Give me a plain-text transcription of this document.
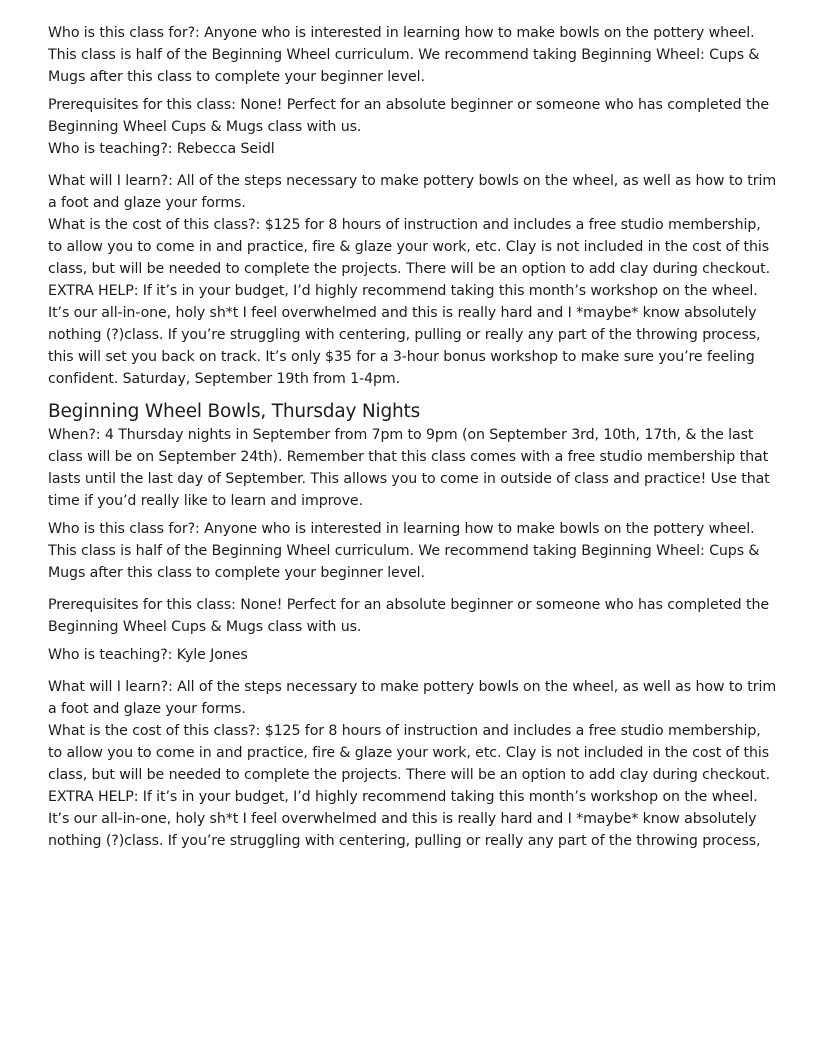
Who is this class for?: Anyone who is interested in learning how to make bowls on the pottery wheel. This class is half of the Beginning Wheel curriculum. We recommend taking Beginning Wheel: Cups & Mugs after this class to complete your beginner level.

Prerequisites for this class: None! Perfect for an absolute beginner or someone who has completed the Beginning Wheel Cups & Mugs class with us.

Who is teaching?: Rebecca Seidl

What will I learn?: All of the steps necessary to make pottery bowls on the wheel, as well as how to trim a foot and glaze your forms.

What is the cost of this class?: $125 for 8 hours of instruction and includes a free studio membership, to allow you to come in and practice, fire & glaze your work, etc. Clay is not included in the cost of this class, but will be needed to complete the projects. There will be an option to add clay during checkout.

EXTRA HELP: If it’s in your budget, I’d highly recommend taking this month’s workshop on the wheel. It’s our all-in-one, holy sh*t I feel overwhelmed and this is really hard and I *maybe* know absolutely nothing (?)class. If you’re struggling with centering, pulling or really any part of the throwing process, this will set you back on track. It’s only $35 for a 3-hour bonus workshop to make sure you’re feeling confident. Saturday, September 19th from 1-4pm.

Beginning Wheel Bowls, Thursday Nights

When?: 4 Thursday nights in September from 7pm to 9pm (on September 3rd, 10th, 17th, & the last class will be on September 24th). Remember that this class comes with a free studio membership that lasts until the last day of September. This allows you to come in outside of class and practice! Use that time if you’d really like to learn and improve.

Who is this class for?: Anyone who is interested in learning how to make bowls on the pottery wheel. This class is half of the Beginning Wheel curriculum. We recommend taking Beginning Wheel: Cups & Mugs after this class to complete your beginner level.

Prerequisites for this class: None! Perfect for an absolute beginner or someone who has completed the Beginning Wheel Cups & Mugs class with us.

Who is teaching?: Kyle Jones

What will I learn?: All of the steps necessary to make pottery bowls on the wheel, as well as how to trim a foot and glaze your forms.

What is the cost of this class?: $125 for 8 hours of instruction and includes a free studio membership, to allow you to come in and practice, fire & glaze your work, etc. Clay is not included in the cost of this class, but will be needed to complete the projects. There will be an option to add clay during checkout.

EXTRA HELP: If it’s in your budget, I’d highly recommend taking this month’s workshop on the wheel. It’s our all-in-one, holy sh*t I feel overwhelmed and this is really hard and I *maybe* know absolutely nothing (?)class. If you’re struggling with centering, pulling or really any part of the throwing process,
